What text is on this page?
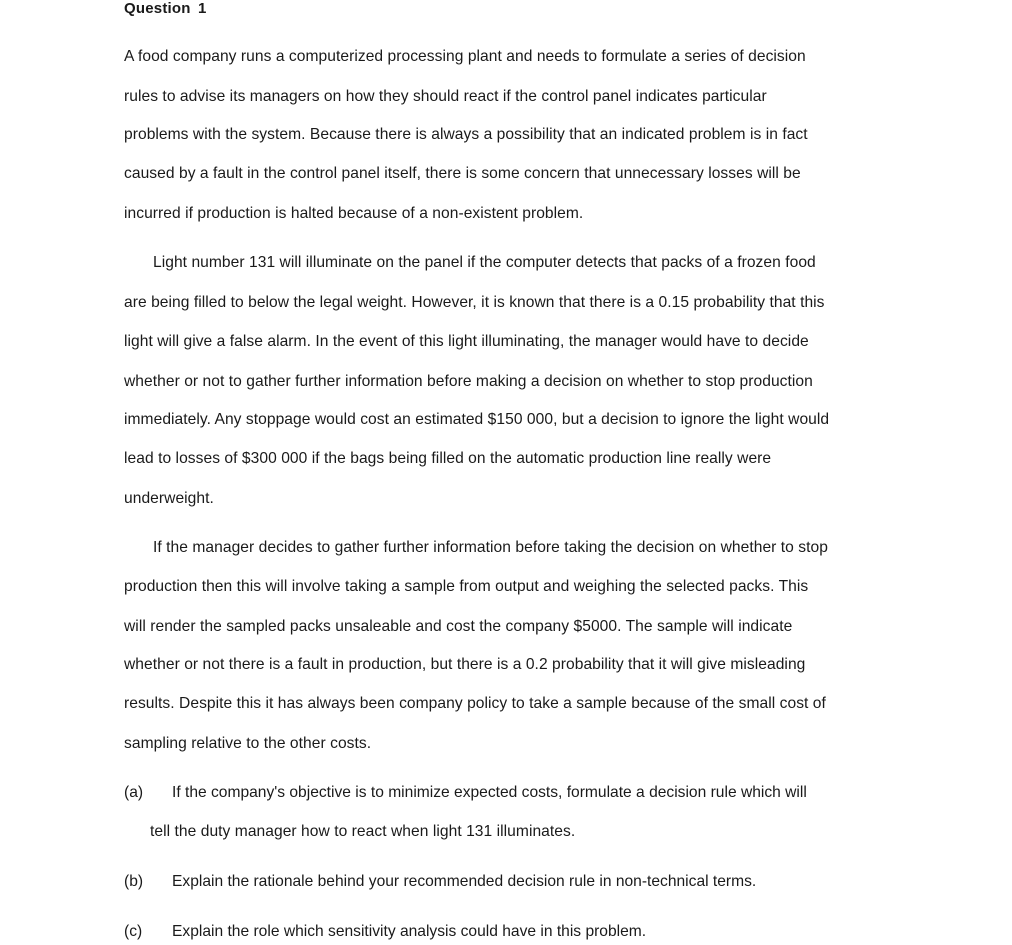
Question 1
A food company runs a computerized processing plant and needs to formulate a series of decision
rules to advise its managers on how they should react if the control panel indicates particular
problems with the system. Because there is always a possibility that an indicated problem is in fact
caused by a fault in the control panel itself, there is some concern that unnecessary losses will be
incurred if production is halted because of a non-existent problem.
Light number 131 will illuminate on the panel if the computer detects that packs of a frozen food
are being filled to below the legal weight. However, it is known that there is a 0.15 probability that this
light will give a false alarm. In the event of this light illuminating, the manager would have to decide
whether or not to gather further information before making a decision on whether to stop production
immediately. Any stoppage would cost an estimated $150 000, but a decision to ignore the light would
lead to losses of $300 000 if the bags being filled on the automatic production line really were
underweight.
If the manager decides to gather further information before taking the decision on whether to stop
production then this will involve taking a sample from output and weighing the selected packs. This
will render the sampled packs unsaleable and cost the company $5000. The sample will indicate
whether or not there is a fault in production, but there is a 0.2 probability that it will give misleading
results. Despite this it has always been company policy to take a sample because of the small cost of
sampling relative to the other costs.
(a) If the company's objective is to minimize expected costs, formulate a decision rule which will
tell the duty manager how to react when light 131 illuminates.
(b) Explain the rationale behind your recommended decision rule in non-technical terms.
(c) Explain the role which sensitivity analysis could have in this problem.
